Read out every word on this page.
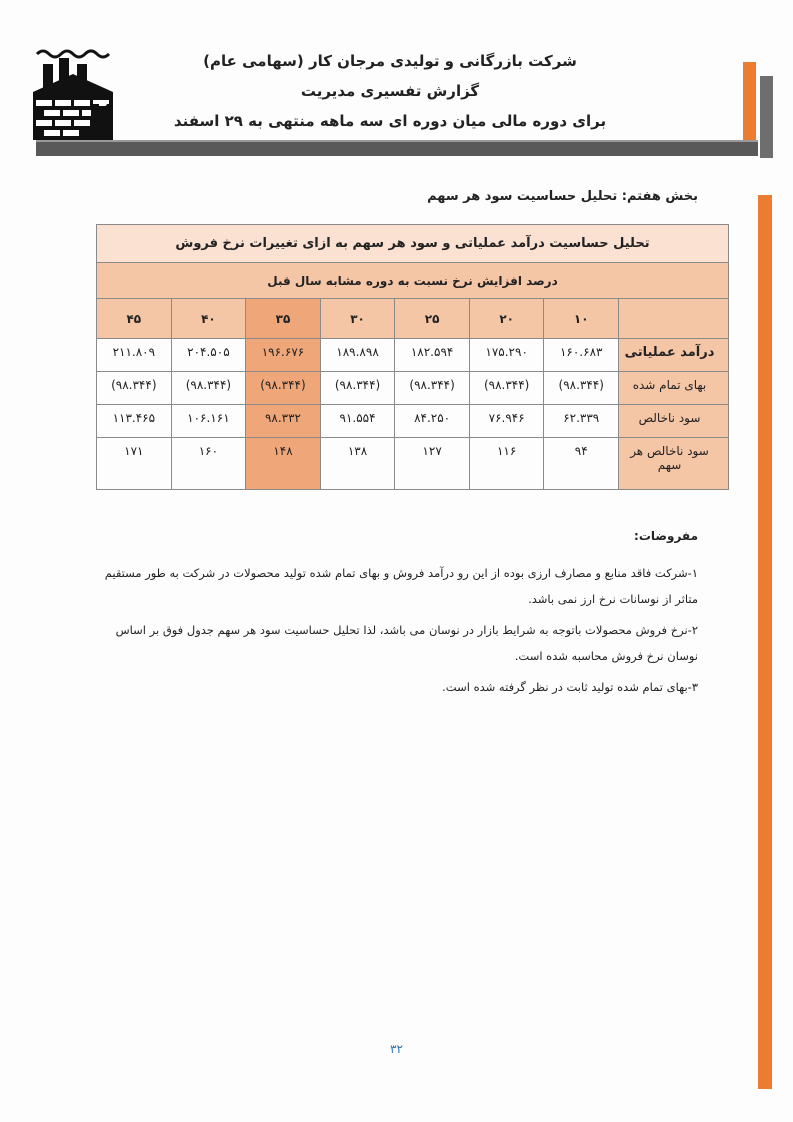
شرکت بازرگانی و تولیدی مرجان کار (سهامی عام)
گزارش تفسیری مدیریت
برای دوره مالی میان دوره ای سه ماهه منتهی به ۲۹ اسفند
بخش هفتم: تحلیل حساسیت سود هر سهم
تحلیل حساسیت درآمد عملیاتی و سود هر سهم به ازای تغییرات نرخ فروش							
درصد افزایش نرخ نسبت به دوره مشابه سال قبل							
	۱۰	۲۰	۲۵	۳۰	۳۵	۴۰	۴۵
درآمد عملیاتی	۱۶۰.۶۸۳	۱۷۵.۲۹۰	۱۸۲.۵۹۴	۱۸۹.۸۹۸	۱۹۶.۶۷۶	۲۰۴.۵۰۵	۲۱۱.۸۰۹
بهای تمام شده	(۹۸.۳۴۴)	(۹۸.۳۴۴)	(۹۸.۳۴۴)	(۹۸.۳۴۴)	(۹۸.۳۴۴)	(۹۸.۳۴۴)	(۹۸.۳۴۴)
سود ناخالص	۶۲.۳۳۹	۷۶.۹۴۶	۸۴.۲۵۰	۹۱.۵۵۴	۹۸.۳۳۲	۱۰۶.۱۶۱	۱۱۳.۴۶۵
سود ناخالص هر سهم	۹۴	۱۱۶	۱۲۷	۱۳۸	۱۴۸	۱۶۰	۱۷۱
مفروضات:
۱-شرکت فاقد منابع و مصارف ارزی بوده از این رو درآمد فروش و بهای تمام شده تولید محصولات در شرکت به طور مستقیم متاثر از نوسانات نرخ ارز نمی باشد.
۲-نرخ فروش محصولات باتوجه به شرایط بازار در نوسان می باشد، لذا تحلیل حساسیت سود هر سهم جدول فوق بر اساس نوسان نرخ فروش محاسبه شده است.
۳-بهای تمام شده تولید ثابت در نظر گرفته شده است.
۳۲
